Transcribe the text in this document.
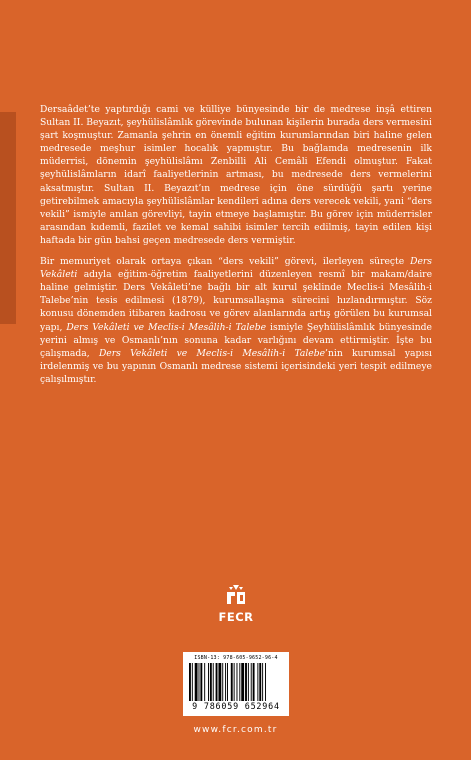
Dersaâdet’te yaptırdığı cami ve külliye bünyesinde bir de medrese inşâ ettiren Sultan II. Beyazıt, şeyhülislâmlık görevinde bulunan kişilerin burada ders vermesini şart koşmuştur. Zamanla şehrin en önemli eğitim kurumlarından biri haline gelen medresede meşhur isimler hocalık yapmıştır. Bu bağlamda medresenin ilk müderrisi, dönemin şeyhülislâmı Zenbilli Ali Cemâli Efendi olmuştur. Fakat şeyhülislâmların idarî faaliyetlerinin artması, bu medresede ders vermelerini aksatmıştır. Sultan II. Beyazıt’ın medrese için öne sürdüğü şartı yerine getirebilmek amacıyla şeyhülislâmlar kendileri adına ders verecek vekili, yani “ders vekili” ismiyle anılan görevliyi, tayin etmeye başlamıştır. Bu görev için müderrisler arasından kıdemli, fazilet ve kemal sahibi isimler tercih edilmiş, tayin edilen kişi haftada bir gün bahsi geçen medresede ders vermiştir.

Bir memuriyet olarak ortaya çıkan “ders vekili” görevi, ilerleyen süreçte Ders Vekâleti adıyla eğitim-öğretim faaliyetlerini düzenleyen resmî bir makam/daire haline gelmiştir. Ders Vekâleti’ne bağlı bir alt kurul şeklinde Meclis-i Mesâlih-i Talebe’nin tesis edilmesi (1879), kurumsallaşma sürecini hızlandırmıştır. Söz konusu dönemden itibaren kadrosu ve görev alanlarında artış görülen bu kurumsal yapı, Ders Vekâleti ve Meclis-i Mesâlih-i Talebe ismiyle Şeyhülislâmlık bünyesinde yerini almış ve Osmanlı’nın sonuna kadar varlığını devam ettirmiştir. İşte bu çalışmada, Ders Vekâleti ve Meclis-i Mesâlih-i Talebe’nin kurumsal yapısı irdelenmiş ve bu yapının Osmanlı medrese sistemi içerisindeki yeri tespit edilmeye çalışılmıştır.

FECR
ISBN-13: 978-605-9652-96-4
9 786059 652964
www.fcr.com.tr
